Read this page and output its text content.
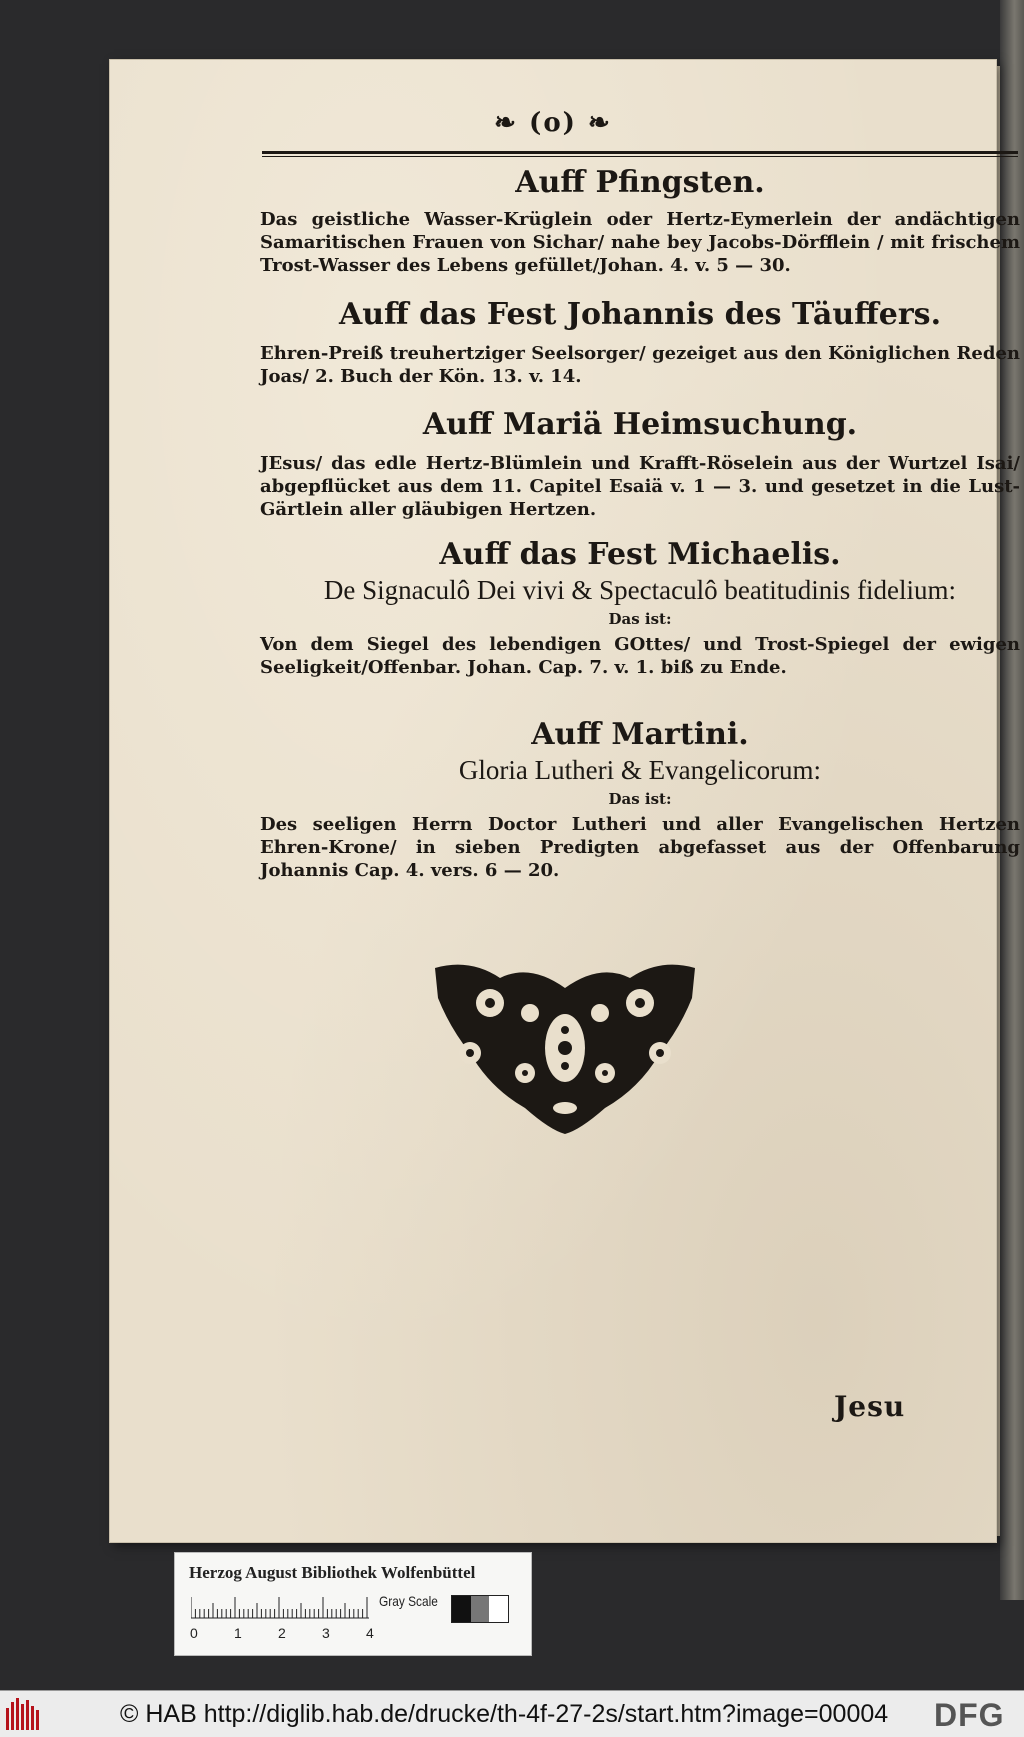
❧ (o) ❧

Auff Pfingsten.

Das geistliche Wasser-Krüglein oder Hertz-Eymerlein der andächtigen Samaritischen Frauen von Sichar/ nahe bey Jacobs-Dörfflein / mit frischem Trost-Wasser des Lebens gefüllet/Johan. 4. v. 5 — 30.

Auff das Fest Johannis des Täuffers.

Ehren-Preiß treuhertziger Seelsorger/ gezeiget aus den Königlichen Reden Joas/ 2. Buch der Kön. 13. v. 14.

Auff Mariä Heimsuchung.

JEsus/ das edle Hertz-Blümlein und Krafft-Röselein aus der Wurtzel Isai/ abgepflücket aus dem 11. Capitel Esaiä v. 1 — 3. und gesetzet in die Lust-Gärtlein aller gläubigen Hertzen.

Auff das Fest Michaelis.

De Signaculô Dei vivi & Spectaculô beatitudinis fidelium:

Das ist:

Von dem Siegel des lebendigen GOttes/ und Trost-Spiegel der ewigen Seeligkeit/Offenbar. Johan. Cap. 7. v. 1. biß zu Ende.

Auff Martini.

Gloria Lutheri & Evangelicorum:

Das ist:

Des seeligen Herrn Doctor Lutheri und aller Evangelischen Hertzen Ehren-Krone/ in sieben Predigten abgefasset aus der Offenbarung Johannis Cap. 4. vers. 6 — 20.

Jesu
Herzog August Bibliothek Wolfenbüttel
0	1	2	3	4
Gray Scale
© HAB http://diglib.hab.de/drucke/th-4f-27-2s/start.htm?image=00004 DFG
